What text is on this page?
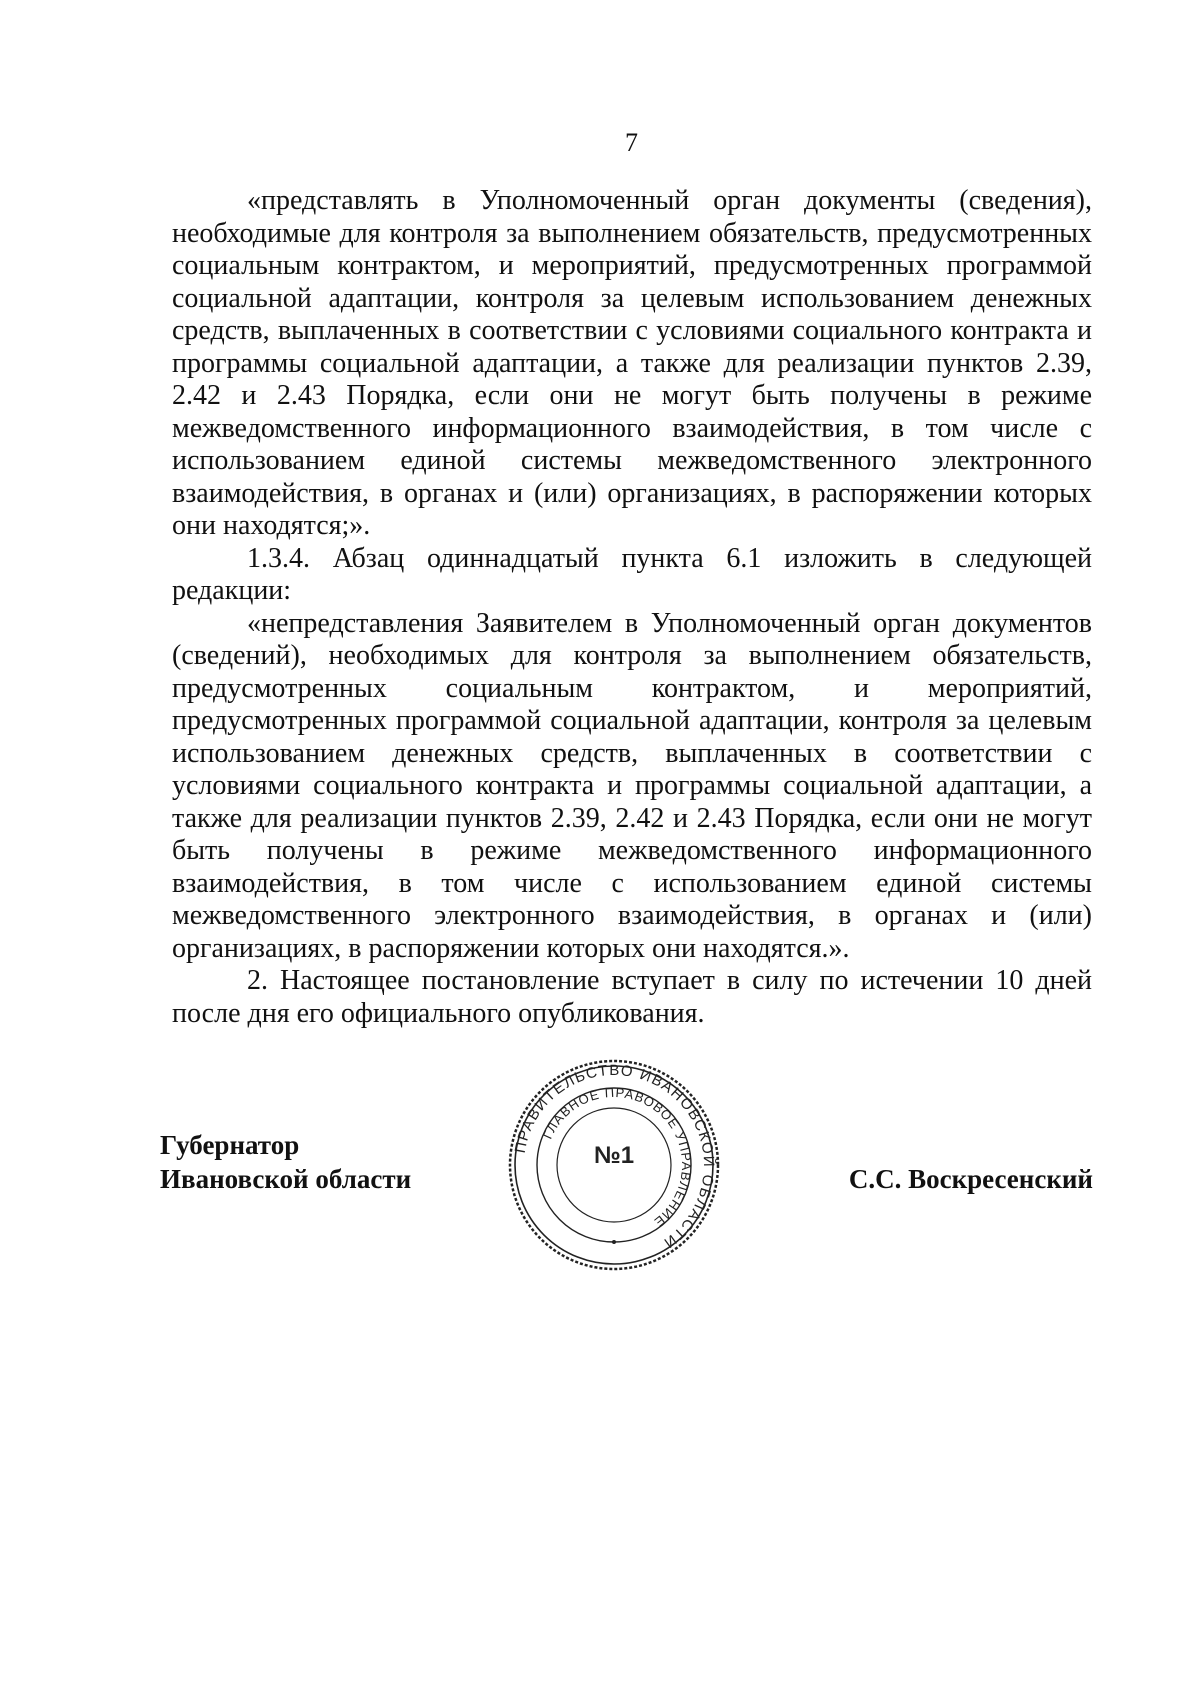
7

«представлять в Уполномоченный орган документы (сведения), необходимые для контроля за выполнением обязательств, предусмотренных социальным контрактом, и мероприятий, предусмотренных программой социальной адаптации, контроля за целевым использованием денежных средств, выплаченных в соответствии с условиями социального контракта и программы социальной адаптации, а также для реализации пунктов 2.39, 2.42 и 2.43 Порядка, если они не могут быть получены в режиме межведомственного информационного взаимодействия, в том числе с использованием единой системы межведомственного электронного взаимодействия, в органах и (или) организациях, в распоряжении которых они находятся;».

1.3.4. Абзац одиннадцатый пункта 6.1 изложить в следующей редакции:

«непредставления Заявителем в Уполномоченный орган документов (сведений), необходимых для контроля за выполнением обязательств, предусмотренных социальным контрактом, и мероприятий, предусмотренных программой социальной адаптации, контроля за целевым использованием денежных средств, выплаченных в соответствии с условиями социального контракта и программы социальной адаптации, а также для реализации пунктов 2.39, 2.42 и 2.43 Порядка, если они не могут быть получены в режиме межведомственного информационного взаимодействия, в том числе с использованием единой системы межведомственного электронного взаимодействия, в органах и (или) организациях, в распоряжении которых они находятся.».

2. Настоящее постановление вступает в силу по истечении 10 дней после дня его официального опубликования.

Губернатор
Ивановской области
ПРАВИТЕЛЬСТВО ИВАНОВСКОЙ ОБЛАСТИ
ГЛАВНОЕ ПРАВОВОЕ УПРАВЛЕНИЕ
№1
С.С. Воскресенский
